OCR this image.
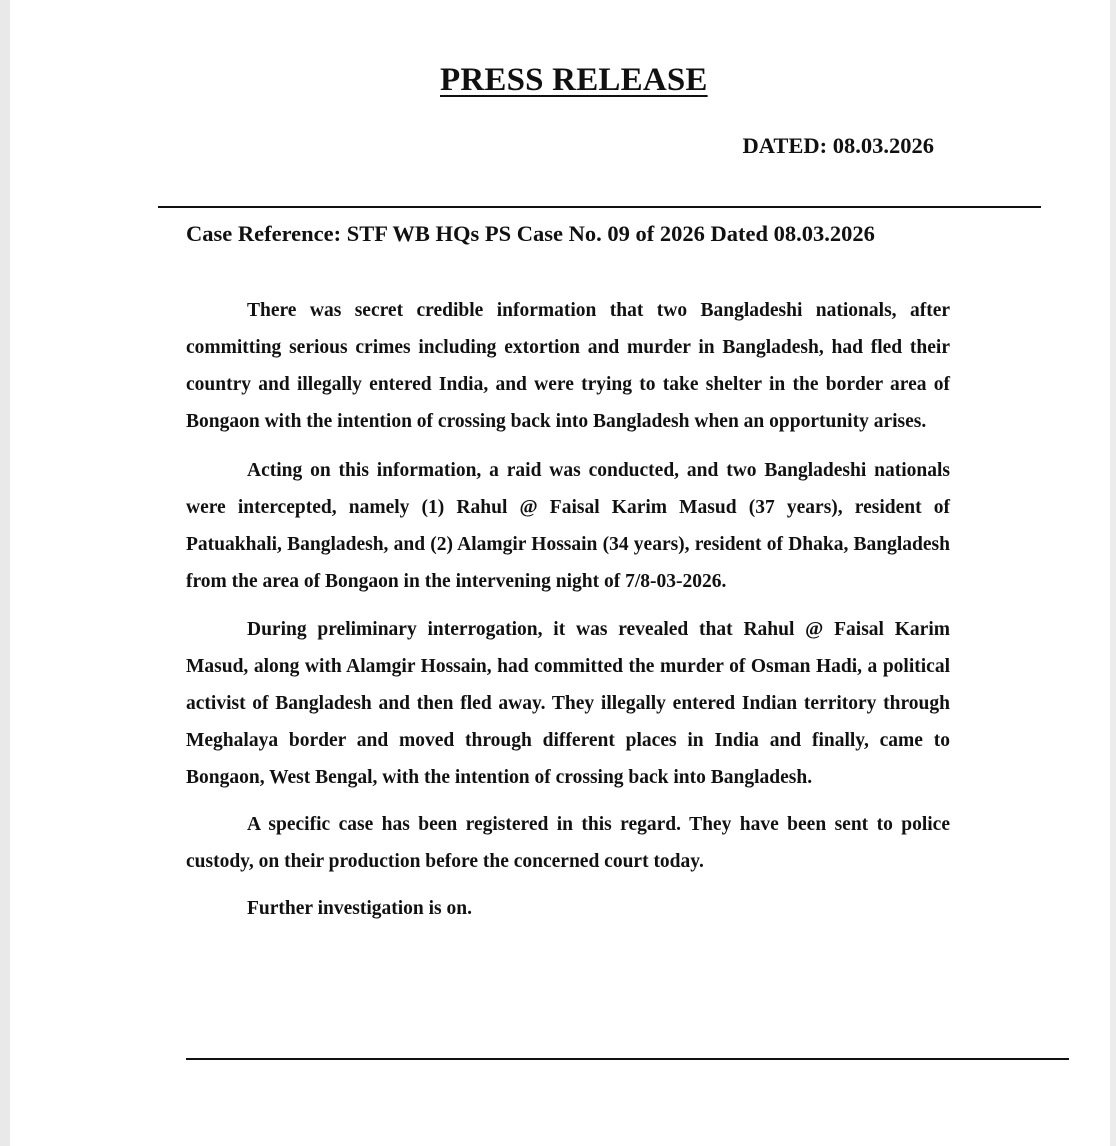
PRESS RELEASE
DATED: 08.03.2026
Case Reference: STF WB HQs PS Case No. 09 of 2026 Dated 08.03.2026

There was secret credible information that two Bangladeshi nationals, after committing serious crimes including extortion and murder in Bangladesh, had fled their country and illegally entered India, and were trying to take shelter in the border area of Bongaon with the intention of crossing back into Bangladesh when an opportunity arises.

Acting on this information, a raid was conducted, and two Bangladeshi nationals were intercepted, namely (1) Rahul @ Faisal Karim Masud (37 years), resident of Patuakhali, Bangladesh, and (2) Alamgir Hossain (34 years), resident of Dhaka, Bangladesh from the area of Bongaon in the intervening night of 7/8-03-2026.

During preliminary interrogation, it was revealed that Rahul @ Faisal Karim Masud, along with Alamgir Hossain, had committed the murder of Osman Hadi, a political activist of Bangladesh and then fled away. They illegally entered Indian territory through Meghalaya border and moved through different places in India and finally, came to Bongaon, West Bengal, with the intention of crossing back into Bangladesh.

A specific case has been registered in this regard. They have been sent to police custody, on their production before the concerned court today.

Further investigation is on.
